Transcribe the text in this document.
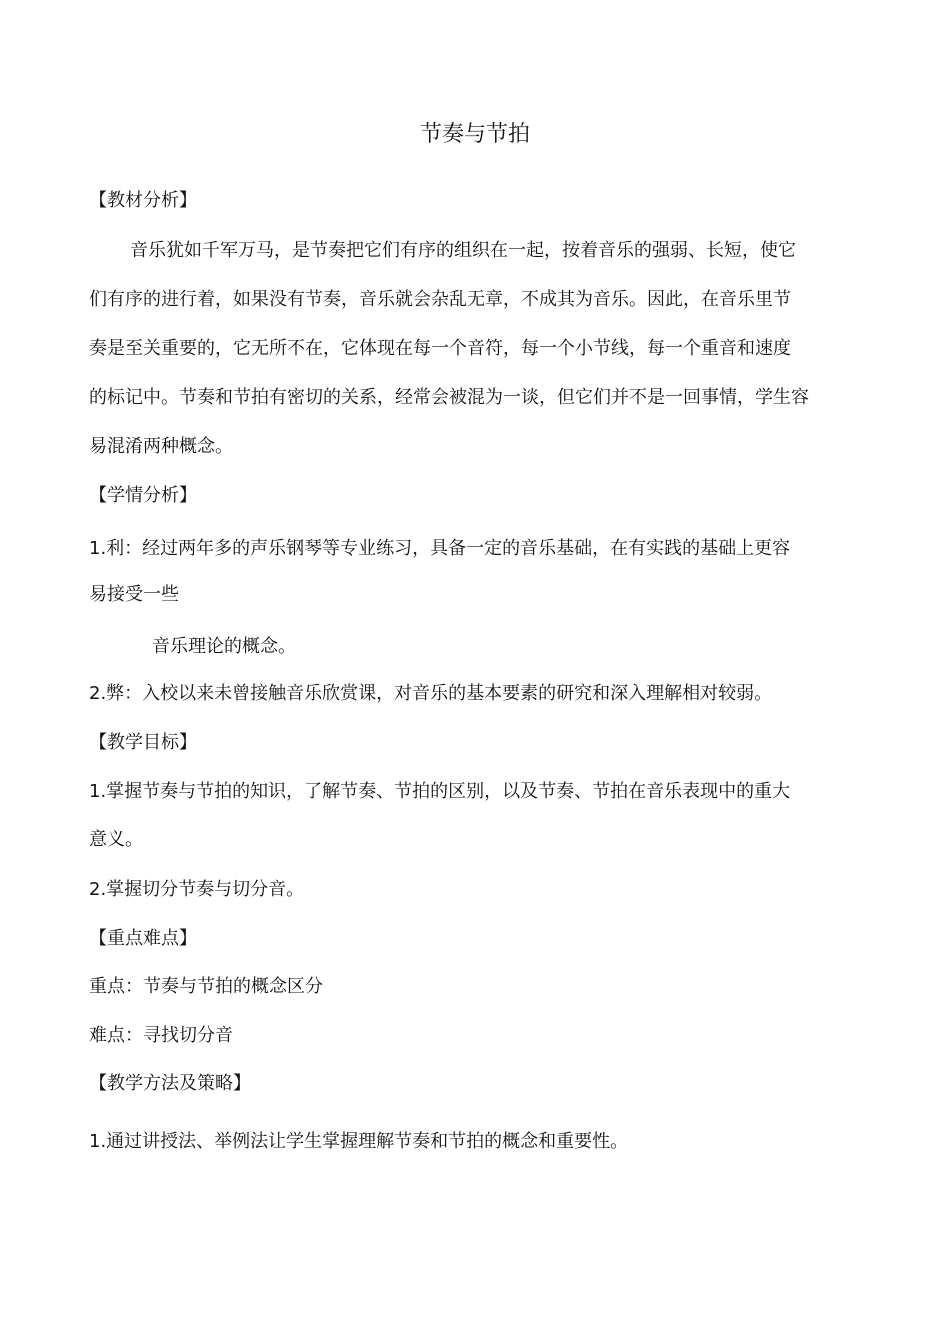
节奏与节拍
【教材分析】
音乐犹如千军万马，是节奏把它们有序的组织在一起，按着音乐的强弱、长短，使它
们有序的进行着，如果没有节奏，音乐就会杂乱无章，不成其为音乐。因此，在音乐里节
奏是至关重要的，它无所不在，它体现在每一个音符，每一个小节线，每一个重音和速度
的标记中。节奏和节拍有密切的关系，经常会被混为一谈，但它们并不是一回事情，学生容
易混淆两种概念。
【学情分析】
1.利：经过两年多的声乐钢琴等专业练习，具备一定的音乐基础，在有实践的基础上更容
易接受一些
音乐理论的概念。
2.弊：入校以来未曾接触音乐欣赏课，对音乐的基本要素的研究和深入理解相对较弱。
【教学目标】
1.掌握节奏与节拍的知识，了解节奏、节拍的区别，以及节奏、节拍在音乐表现中的重大
意义。
2.掌握切分节奏与切分音。
【重点难点】
重点：节奏与节拍的概念区分
难点：寻找切分音
【教学方法及策略】
1.通过讲授法、举例法让学生掌握理解节奏和节拍的概念和重要性。
